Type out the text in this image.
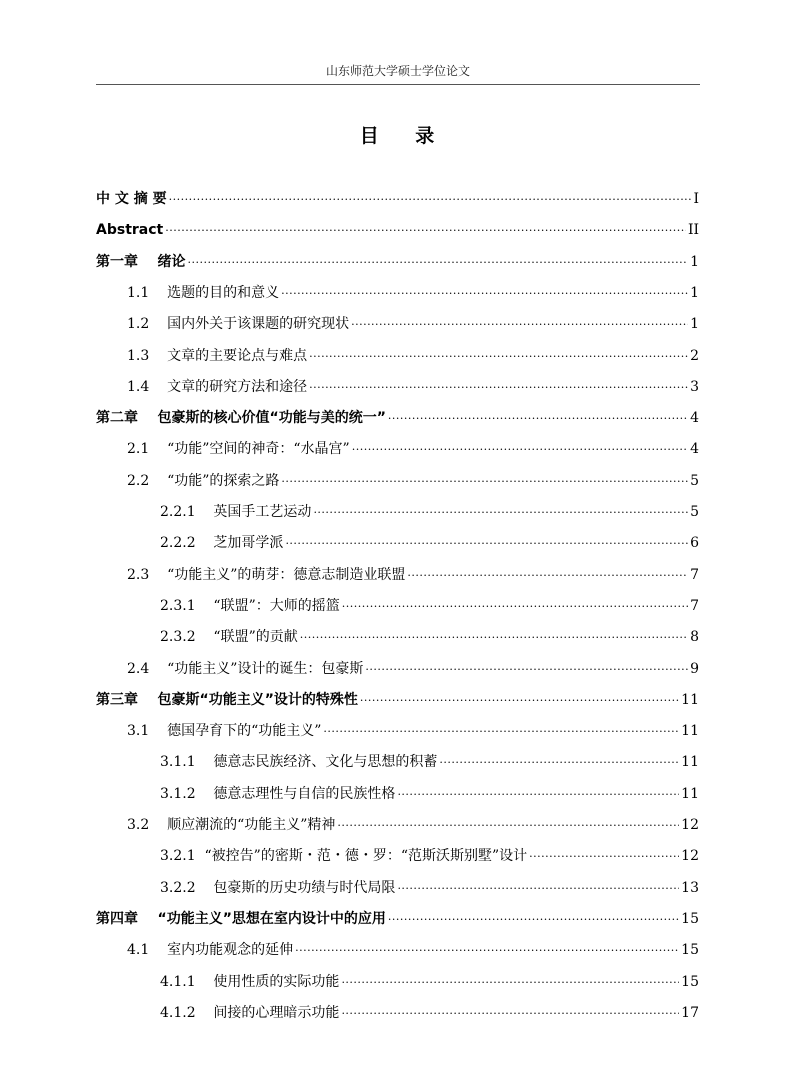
山东师范大学硕士学位论文
目    录
中 文 摘 要 .....	I
Abstract .....	II
第一章    绪论 .....	1
1.1    选题的目的和意义 .....	1
1.2    国内外关于该课题的研究现状 .....	1
1.3    文章的主要论点与难点 .....	2
1.4    文章的研究方法和途径 .....	3
第二章    包豪斯的核心价值“功能与美的统一” .....	4
2.1    “功能”空间的神奇：“水晶宫” .....	4
2.2    “功能”的探索之路 .....	5
2.2.1    英国手工艺运动 .....	5
2.2.2    芝加哥学派 .....	6
2.3    “功能主义”的萌芽：德意志制造业联盟 .....	7
2.3.1    “联盟”：大师的摇篮 .....	7
2.3.2    “联盟”的贡献 .....	8
2.4    “功能主义”设计的诞生：包豪斯 .....	9
第三章    包豪斯“功能主义”设计的特殊性 .....	11
3.1    德国孕育下的“功能主义” .....	11
3.1.1    德意志民族经济、文化与思想的积蓄 .....	11
3.1.2    德意志理性与自信的民族性格 .....	11
3.2    顺应潮流的“功能主义”精神 .....	12
3.2.1  “被控告”的密斯・范・德・罗：“范斯沃斯别墅”设计 .....	12
3.2.2    包豪斯的历史功绩与时代局限 .....	13
第四章    “功能主义”思想在室内设计中的应用 .....	15
4.1    室内功能观念的延伸 .....	15
4.1.1    使用性质的实际功能 .....	15
4.1.2    间接的心理暗示功能 .....	17
